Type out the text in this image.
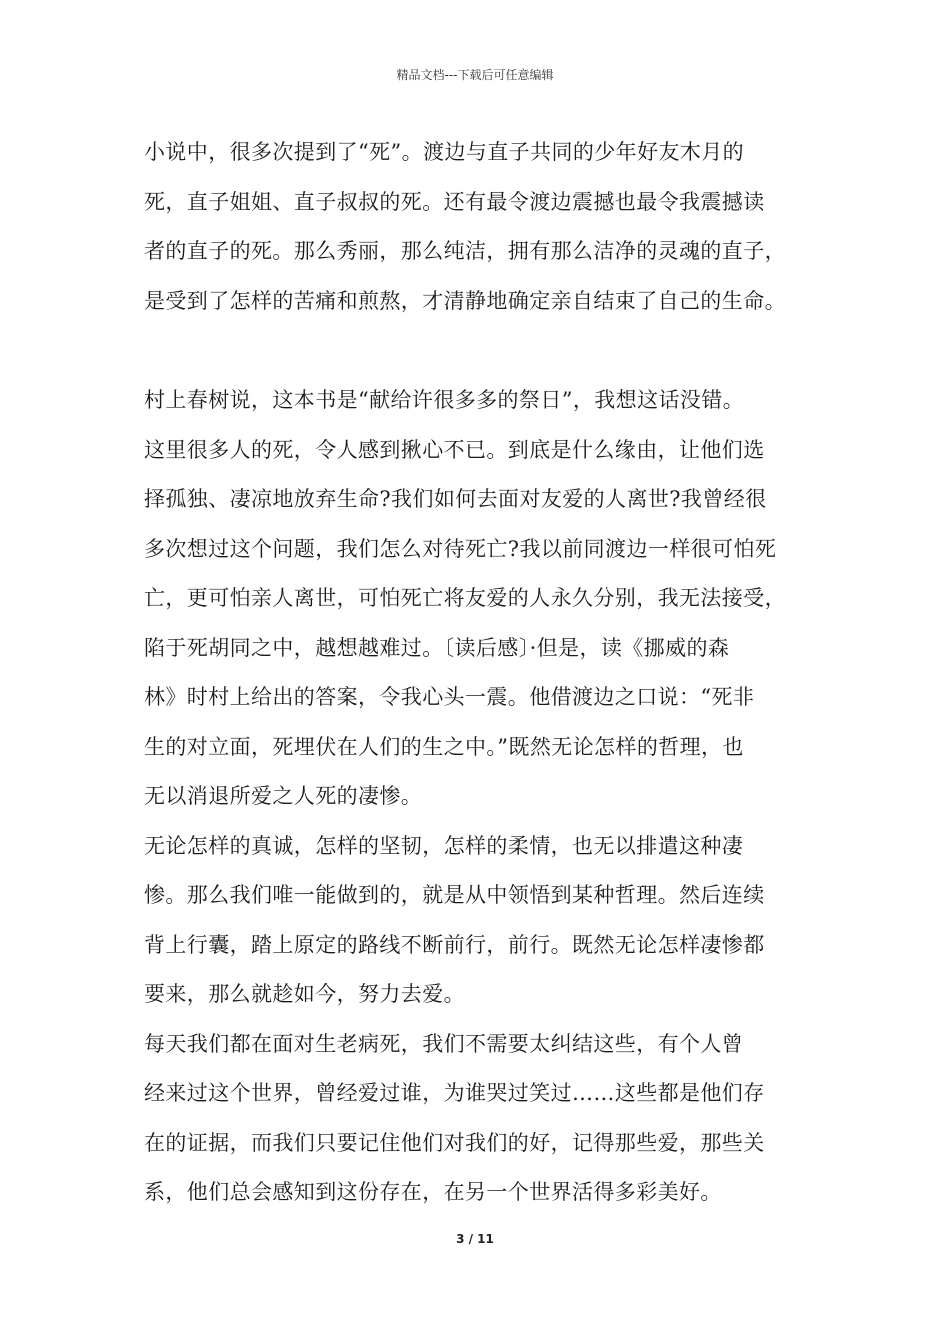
精品文档---下载后可任意编辑

小说中，很多次提到了“死”。渡边与直子共同的少年好友木月的
死，直子姐姐、直子叔叔的死。还有最令渡边震撼也最令我震撼读
者的直子的死。那么秀丽，那么纯洁，拥有那么洁净的灵魂的直子，
是受到了怎样的苦痛和煎熬，才清静地确定亲自结束了自己的生命。

村上春树说，这本书是“献给许很多多的祭日”，我想这话没错。
这里很多人的死，令人感到揪心不已。到底是什么缘由，让他们选
择孤独、凄凉地放弃生命?我们如何去面对友爱的人离世?我曾经很
多次想过这个问题，我们怎么对待死亡?我以前同渡边一样很可怕死
亡，更可怕亲人离世，可怕死亡将友爱的人永久分别，我无法接受，
陷于死胡同之中，越想越难过。〔读后感〕·但是，读《挪威的森
林》时村上给出的答案，令我心头一震。他借渡边之口说：“死非
生的对立面，死埋伏在人们的生之中。”既然无论怎样的哲理，也
无以消退所爱之人死的凄惨。

无论怎样的真诚，怎样的坚韧，怎样的柔情，也无以排遣这种凄
惨。那么我们唯一能做到的，就是从中领悟到某种哲理。然后连续
背上行囊，踏上原定的路线不断前行，前行。既然无论怎样凄惨都
要来，那么就趁如今，努力去爱。

每天我们都在面对生老病死，我们不需要太纠结这些，有个人曾
经来过这个世界，曾经爱过谁，为谁哭过笑过……这些都是他们存
在的证据，而我们只要记住他们对我们的好，记得那些爱，那些关
系，他们总会感知到这份存在，在另一个世界活得多彩美好。

3 / 11
